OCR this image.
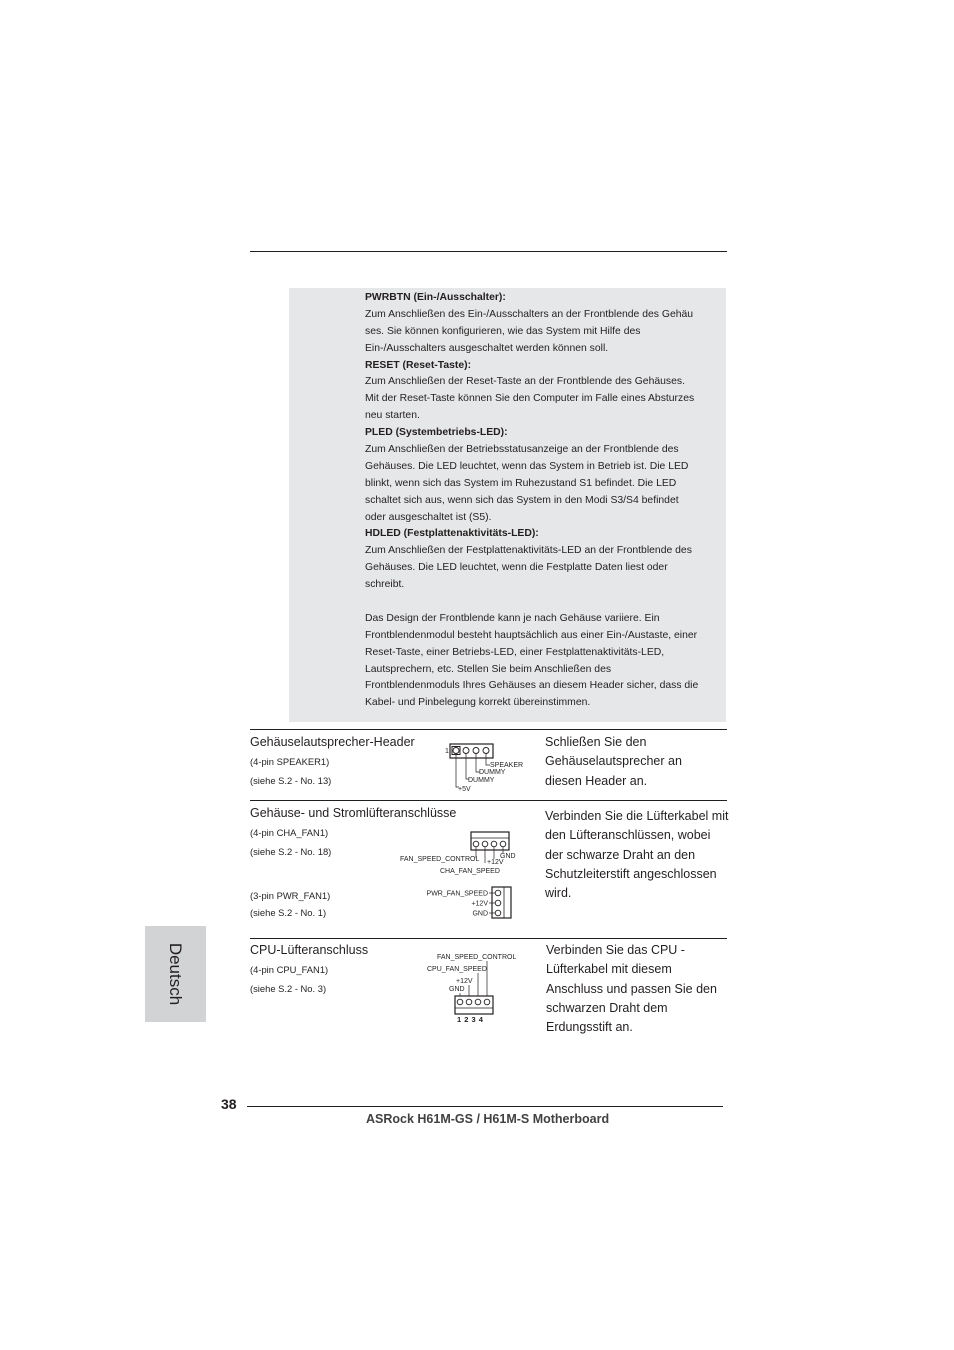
PWRBTN (Ein-/Ausschalter):
Zum Anschließen des Ein-/Ausschalters an der Frontblende des Gehäu
ses. Sie können konfigurieren, wie das System mit Hilfe des
Ein-/Ausschalters ausgeschaltet werden können soll.
RESET (Reset-Taste):
Zum Anschließen der Reset-Taste an der Frontblende des Gehäuses.
Mit der Reset-Taste können Sie den Computer im Falle eines Absturzes
neu starten.
PLED (Systembetriebs-LED):
Zum Anschließen der Betriebsstatusanzeige an der Frontblende des
Gehäuses. Die LED leuchtet, wenn das System in Betrieb ist. Die LED
blinkt, wenn sich das System im Ruhezustand S1 befindet. Die LED
schaltet sich aus, wenn sich das System in den Modi S3/S4 befindet
oder ausgeschaltet ist (S5).
HDLED (Festplattenaktivitäts-LED):
Zum Anschließen der Festplattenaktivitäts-LED an der Frontblende des
Gehäuses. Die LED leuchtet, wenn die Festplatte Daten liest oder
schreibt.
Das Design der Frontblende kann je nach Gehäuse variiere. Ein
Frontblendenmodul besteht hauptsächlich aus einer Ein-/Austaste, einer
Reset-Taste, einer Betriebs-LED, einer Festplattenaktivitäts-LED,
Lautsprechern, etc. Stellen Sie beim Anschließen des
Frontblendenmoduls Ihres Gehäuses an diesem Header sicher, dass die
Kabel- und Pinbelegung korrekt übereinstimmen.
Gehäuselautsprecher-Header
(4-pin SPEAKER1)
(siehe S.2 - No. 13)
Schließen Sie den
Gehäuselautsprecher an
diesen Header an.
1
SPEAKER
DUMMY
DUMMY
+5V
Gehäuse- und Stromlüfteranschlüsse
(4-pin CHA_FAN1)
(siehe S.2 - No. 18)
(3-pin PWR_FAN1)
(siehe S.2 - No. 1)
Verbinden Sie die Lüfterkabel mit
den Lüfteranschlüssen, wobei
der schwarze Draht an den
Schutzleiterstift angeschlossen
wird.
GND
+12V
FAN_SPEED_CONTROL
CHA_FAN_SPEED
PWR_FAN_SPEED
+12V
GND
CPU-Lüfteranschluss
(4-pin CPU_FAN1)
(siehe S.2 - No. 3)
Verbinden Sie das CPU -
Lüfterkabel mit diesem
Anschluss und passen Sie den
schwarzen Draht dem
Erdungsstift an.
FAN_SPEED_CONTROL
CPU_FAN_SPEED
+12V
GND
1 2 3 4
Deutsch
38
ASRock H61M-GS / H61M-S Motherboard
